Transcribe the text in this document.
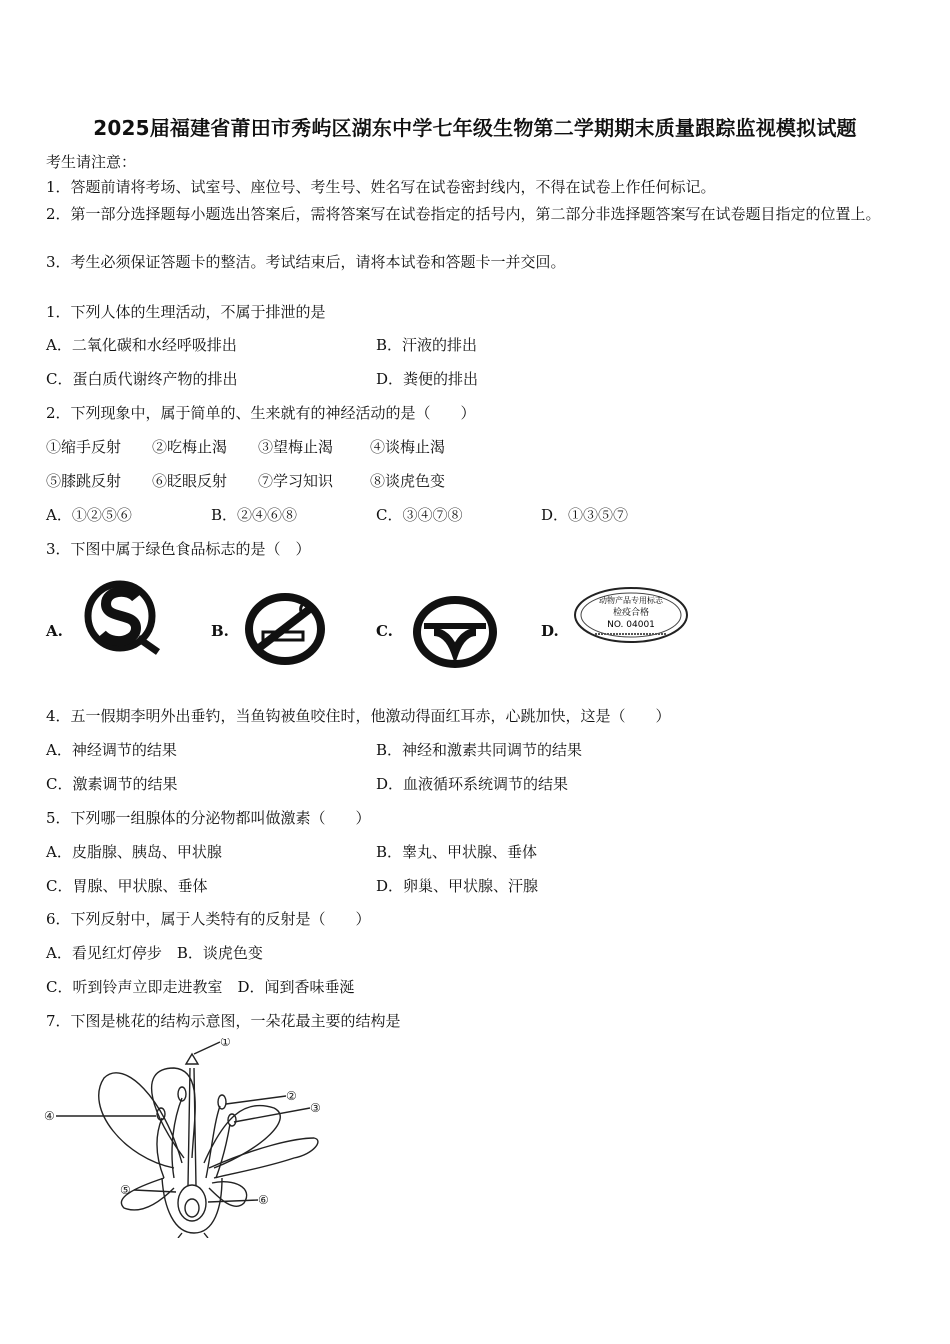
2025届福建省莆田市秀屿区湖东中学七年级生物第二学期期末质量跟踪监视模拟试题
考生请注意：
1．答题前请将考场、试室号、座位号、考生号、姓名写在试卷密封线内，不得在试卷上作任何标记。
2．第一部分选择题每小题选出答案后，需将答案写在试卷指定的括号内，第二部分非选择题答案写在试卷题目指定的位置上。
3．考生必须保证答题卡的整洁。考试结束后，请将本试卷和答题卡一并交回。
1．下列人体的生理活动，不属于排泄的是
A．二氧化碳和水经呼吸排出	B．汗液的排出
C．蛋白质代谢终产物的排出	D．粪便的排出
2．下列现象中，属于简单的、生来就有的神经活动的是（　　）
①缩手反射 ②吃梅止渴 ③望梅止渴 ④谈梅止渴
⑤膝跳反射 ⑥眨眼反射 ⑦学习知识 ⑧谈虎色变
A．①②⑤⑥	B．②④⑥⑧	C．③④⑦⑧	D．①③⑤⑦
3．下图中属于绿色食品标志的是（　）
A.	B.	C.	D.
动物产品专用标志
检疫合格
NO. 04001
4．五一假期李明外出垂钓，当鱼钩被鱼咬住时，他激动得面红耳赤，心跳加快，这是（　　）
A．神经调节的结果	B．神经和激素共同调节的结果
C．激素调节的结果	D．血液循环系统调节的结果
5．下列哪一组腺体的分泌物都叫做激素（　　）
A．皮脂腺、胰岛、甲状腺	B．睾丸、甲状腺、垂体
C．胃腺、甲状腺、垂体	D．卵巢、甲状腺、汗腺
6．下列反射中，属于人类特有的反射是（　　）
A．看见红灯停步　B．谈虎色变
C．听到铃声立即走进教室　D．闻到香味垂涎
7．下图是桃花的结构示意图，一朵花最主要的结构是
①
②
③
④
⑤
⑥
